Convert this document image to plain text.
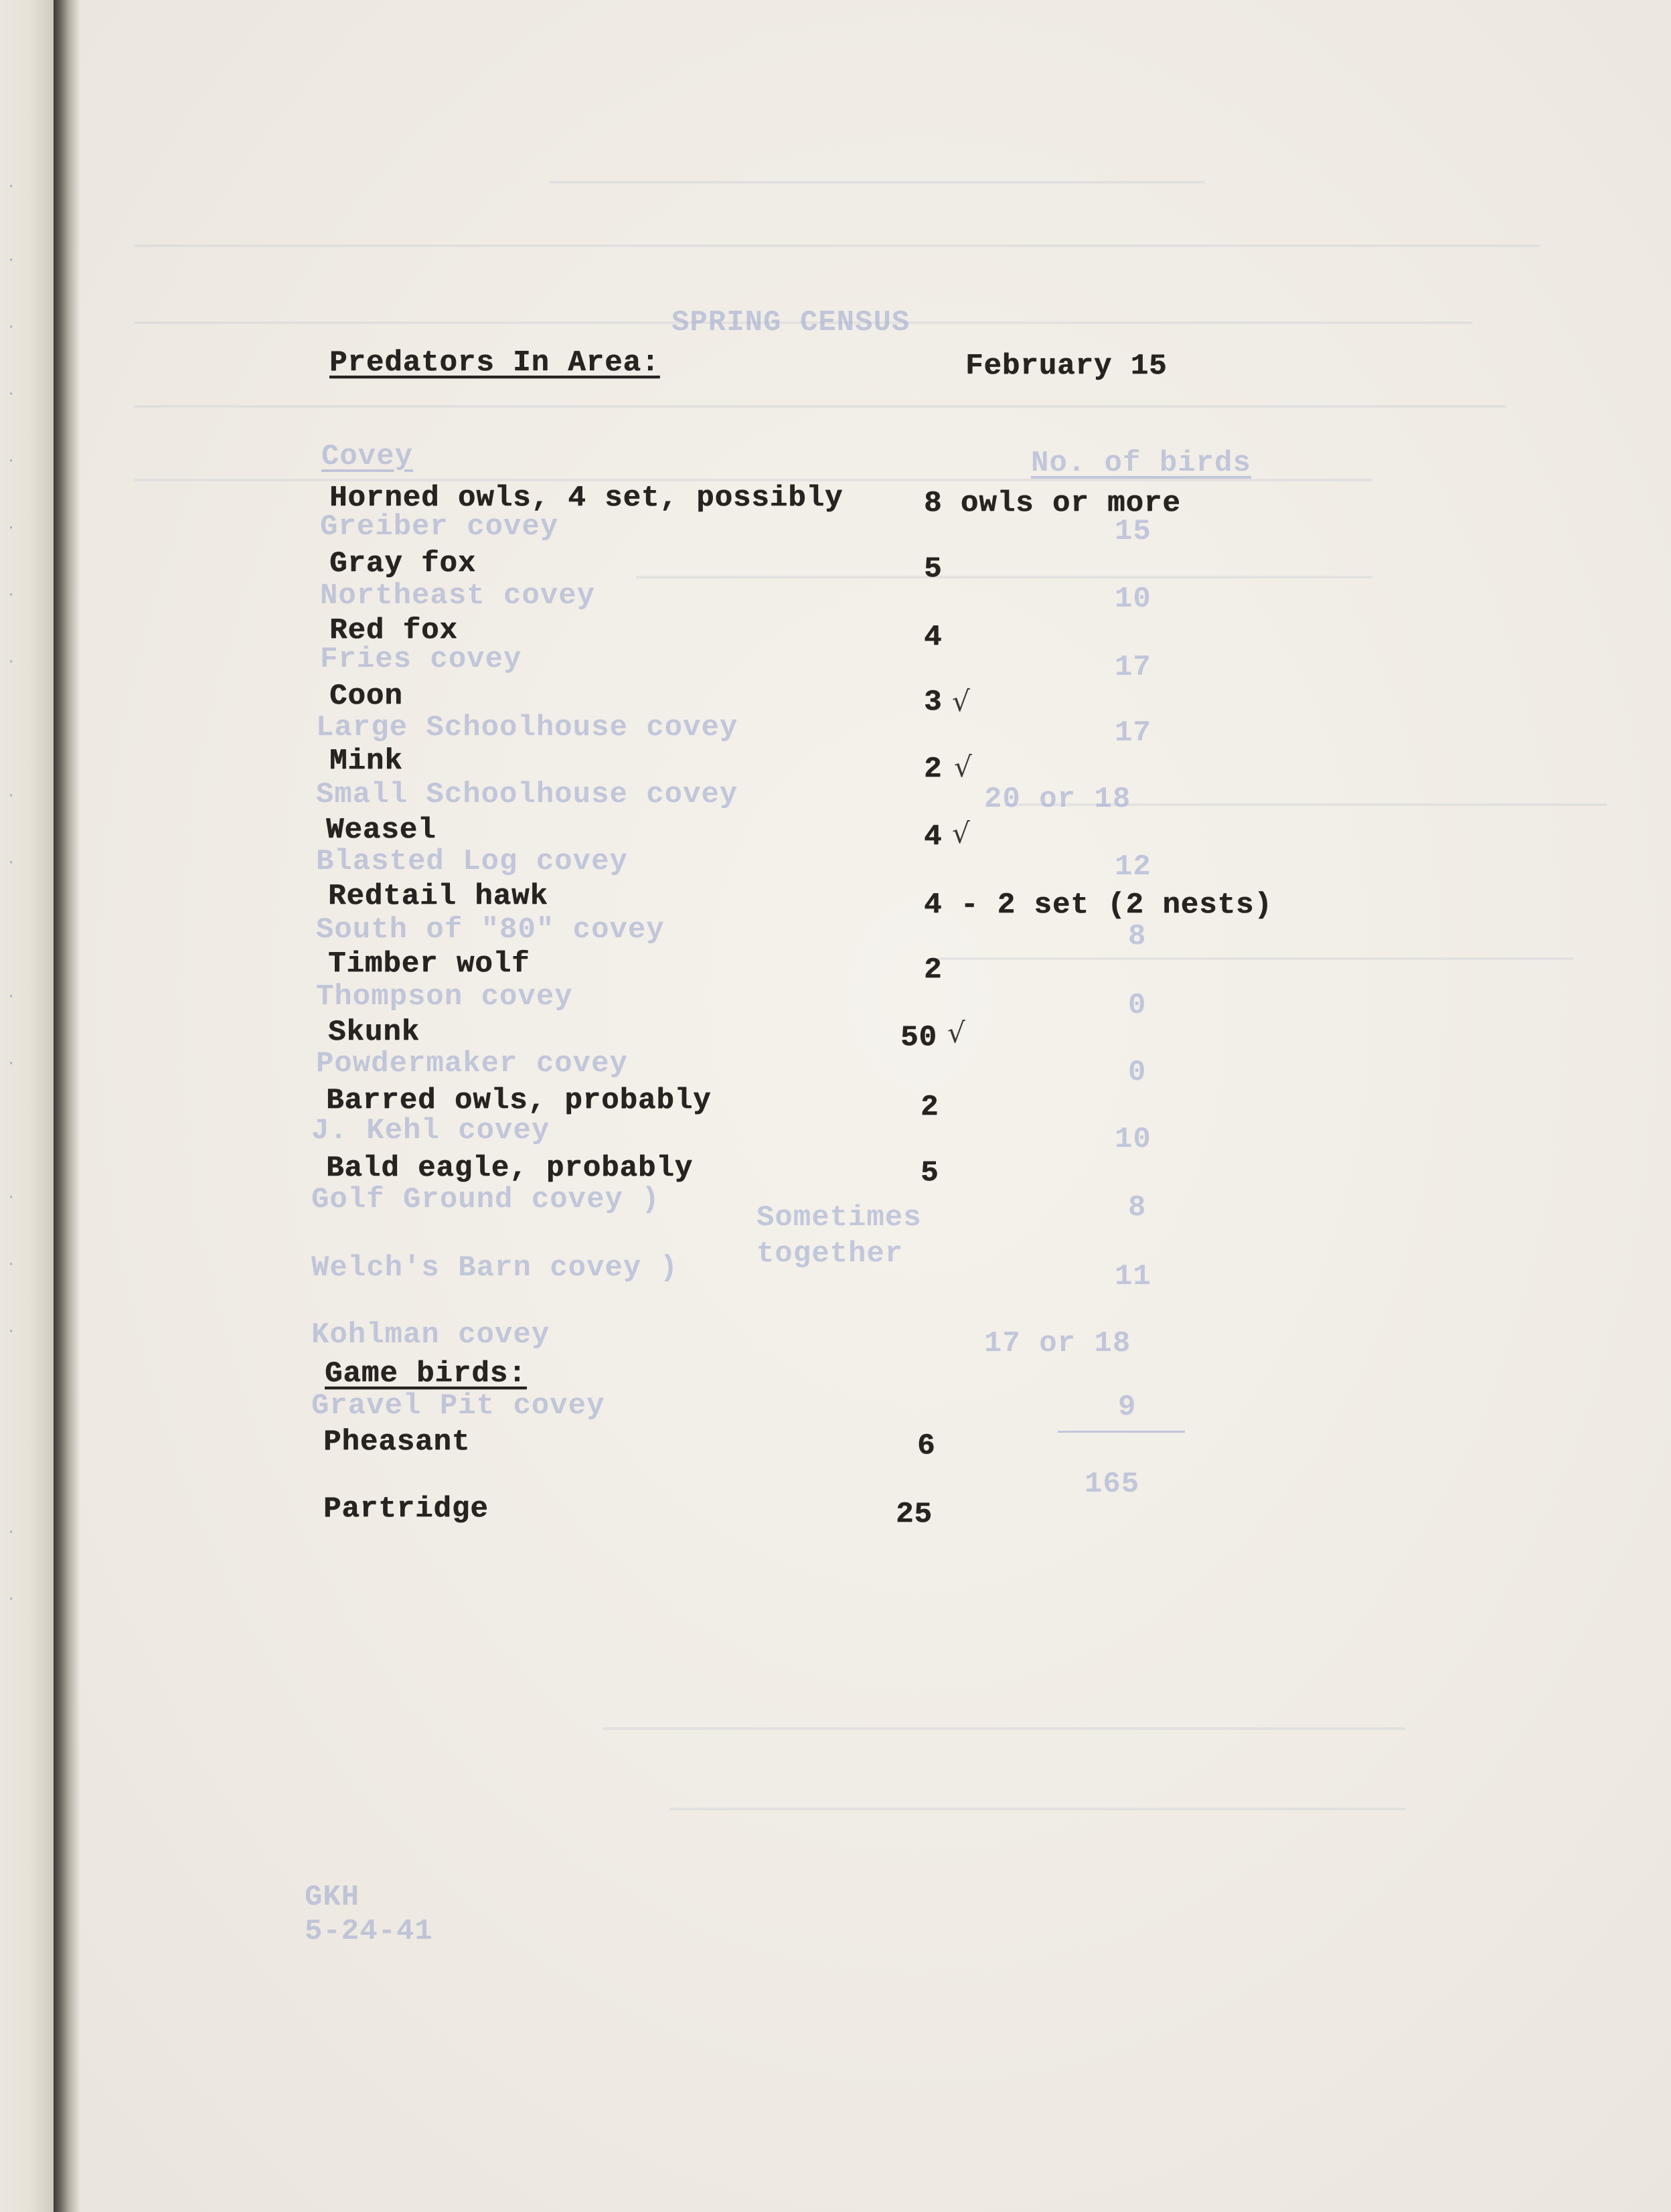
·
·
·
·
·
·
·
·
·
·
·
·
·
·
·
·
·
SPRING CENSUS
Covey	No. of birds
Greiber covey	15
Northeast covey	10
Fries covey	17
Large Schoolhouse covey	17
Small Schoolhouse covey	20 or 18
Blasted Log covey	12
South of "80" covey	8
Thompson covey	0
Powdermaker covey	0
J. Kehl covey	10
Golf Ground covey )	8
Sometimes
together
Welch's Barn covey )	11
Kohlman covey	17 or 18
Gravel Pit covey	9
165
GKH
5-24-41
Predators In Area:	February 15
Horned owls, 4 set, possibly	8 owls or more
Gray fox	5
Red fox	4
Coon	3 √
Mink	2 √
Weasel	4 √
Redtail hawk	4 - 2 set (2 nests)
Timber wolf	2
Skunk	50 √
Barred owls, probably	2
Bald eagle, probably	5
Game birds:
Pheasant	6
Partridge	25
